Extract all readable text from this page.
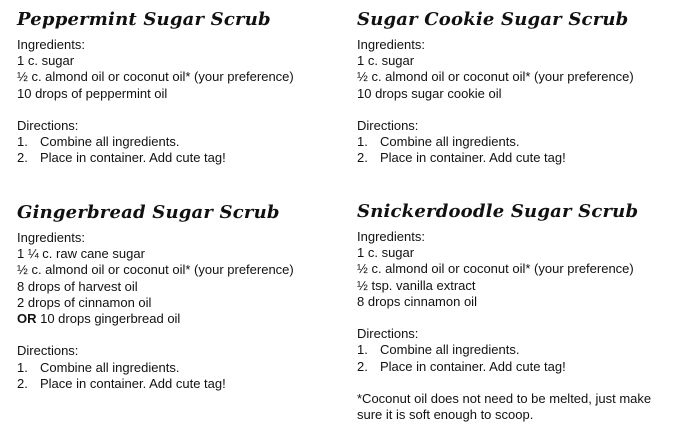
Peppermint Sugar Scrub
Ingredients:
1 c. sugar
½ c. almond oil or coconut oil* (your preference)
10 drops of peppermint oil
Directions:
1. Combine all ingredients.
2. Place in container. Add cute tag!
Sugar Cookie Sugar Scrub
Ingredients:
1 c. sugar
½ c. almond oil or coconut oil* (your preference)
10 drops sugar cookie oil
Directions:
1. Combine all ingredients.
2. Place in container. Add cute tag!
Gingerbread Sugar Scrub
Ingredients:
1 ¼ c. raw cane sugar
½ c. almond oil or coconut oil* (your preference)
8 drops of harvest oil
2 drops of cinnamon oil
OR 10 drops gingerbread oil
Directions:
1. Combine all ingredients.
2. Place in container. Add cute tag!
Snickerdoodle Sugar Scrub
Ingredients:
1 c. sugar
½ c. almond oil or coconut oil* (your preference)
½ tsp. vanilla extract
8 drops cinnamon oil
Directions:
1. Combine all ingredients.
2. Place in container. Add cute tag!
*Coconut oil does not need to be melted, just make sure it is soft enough to scoop.
